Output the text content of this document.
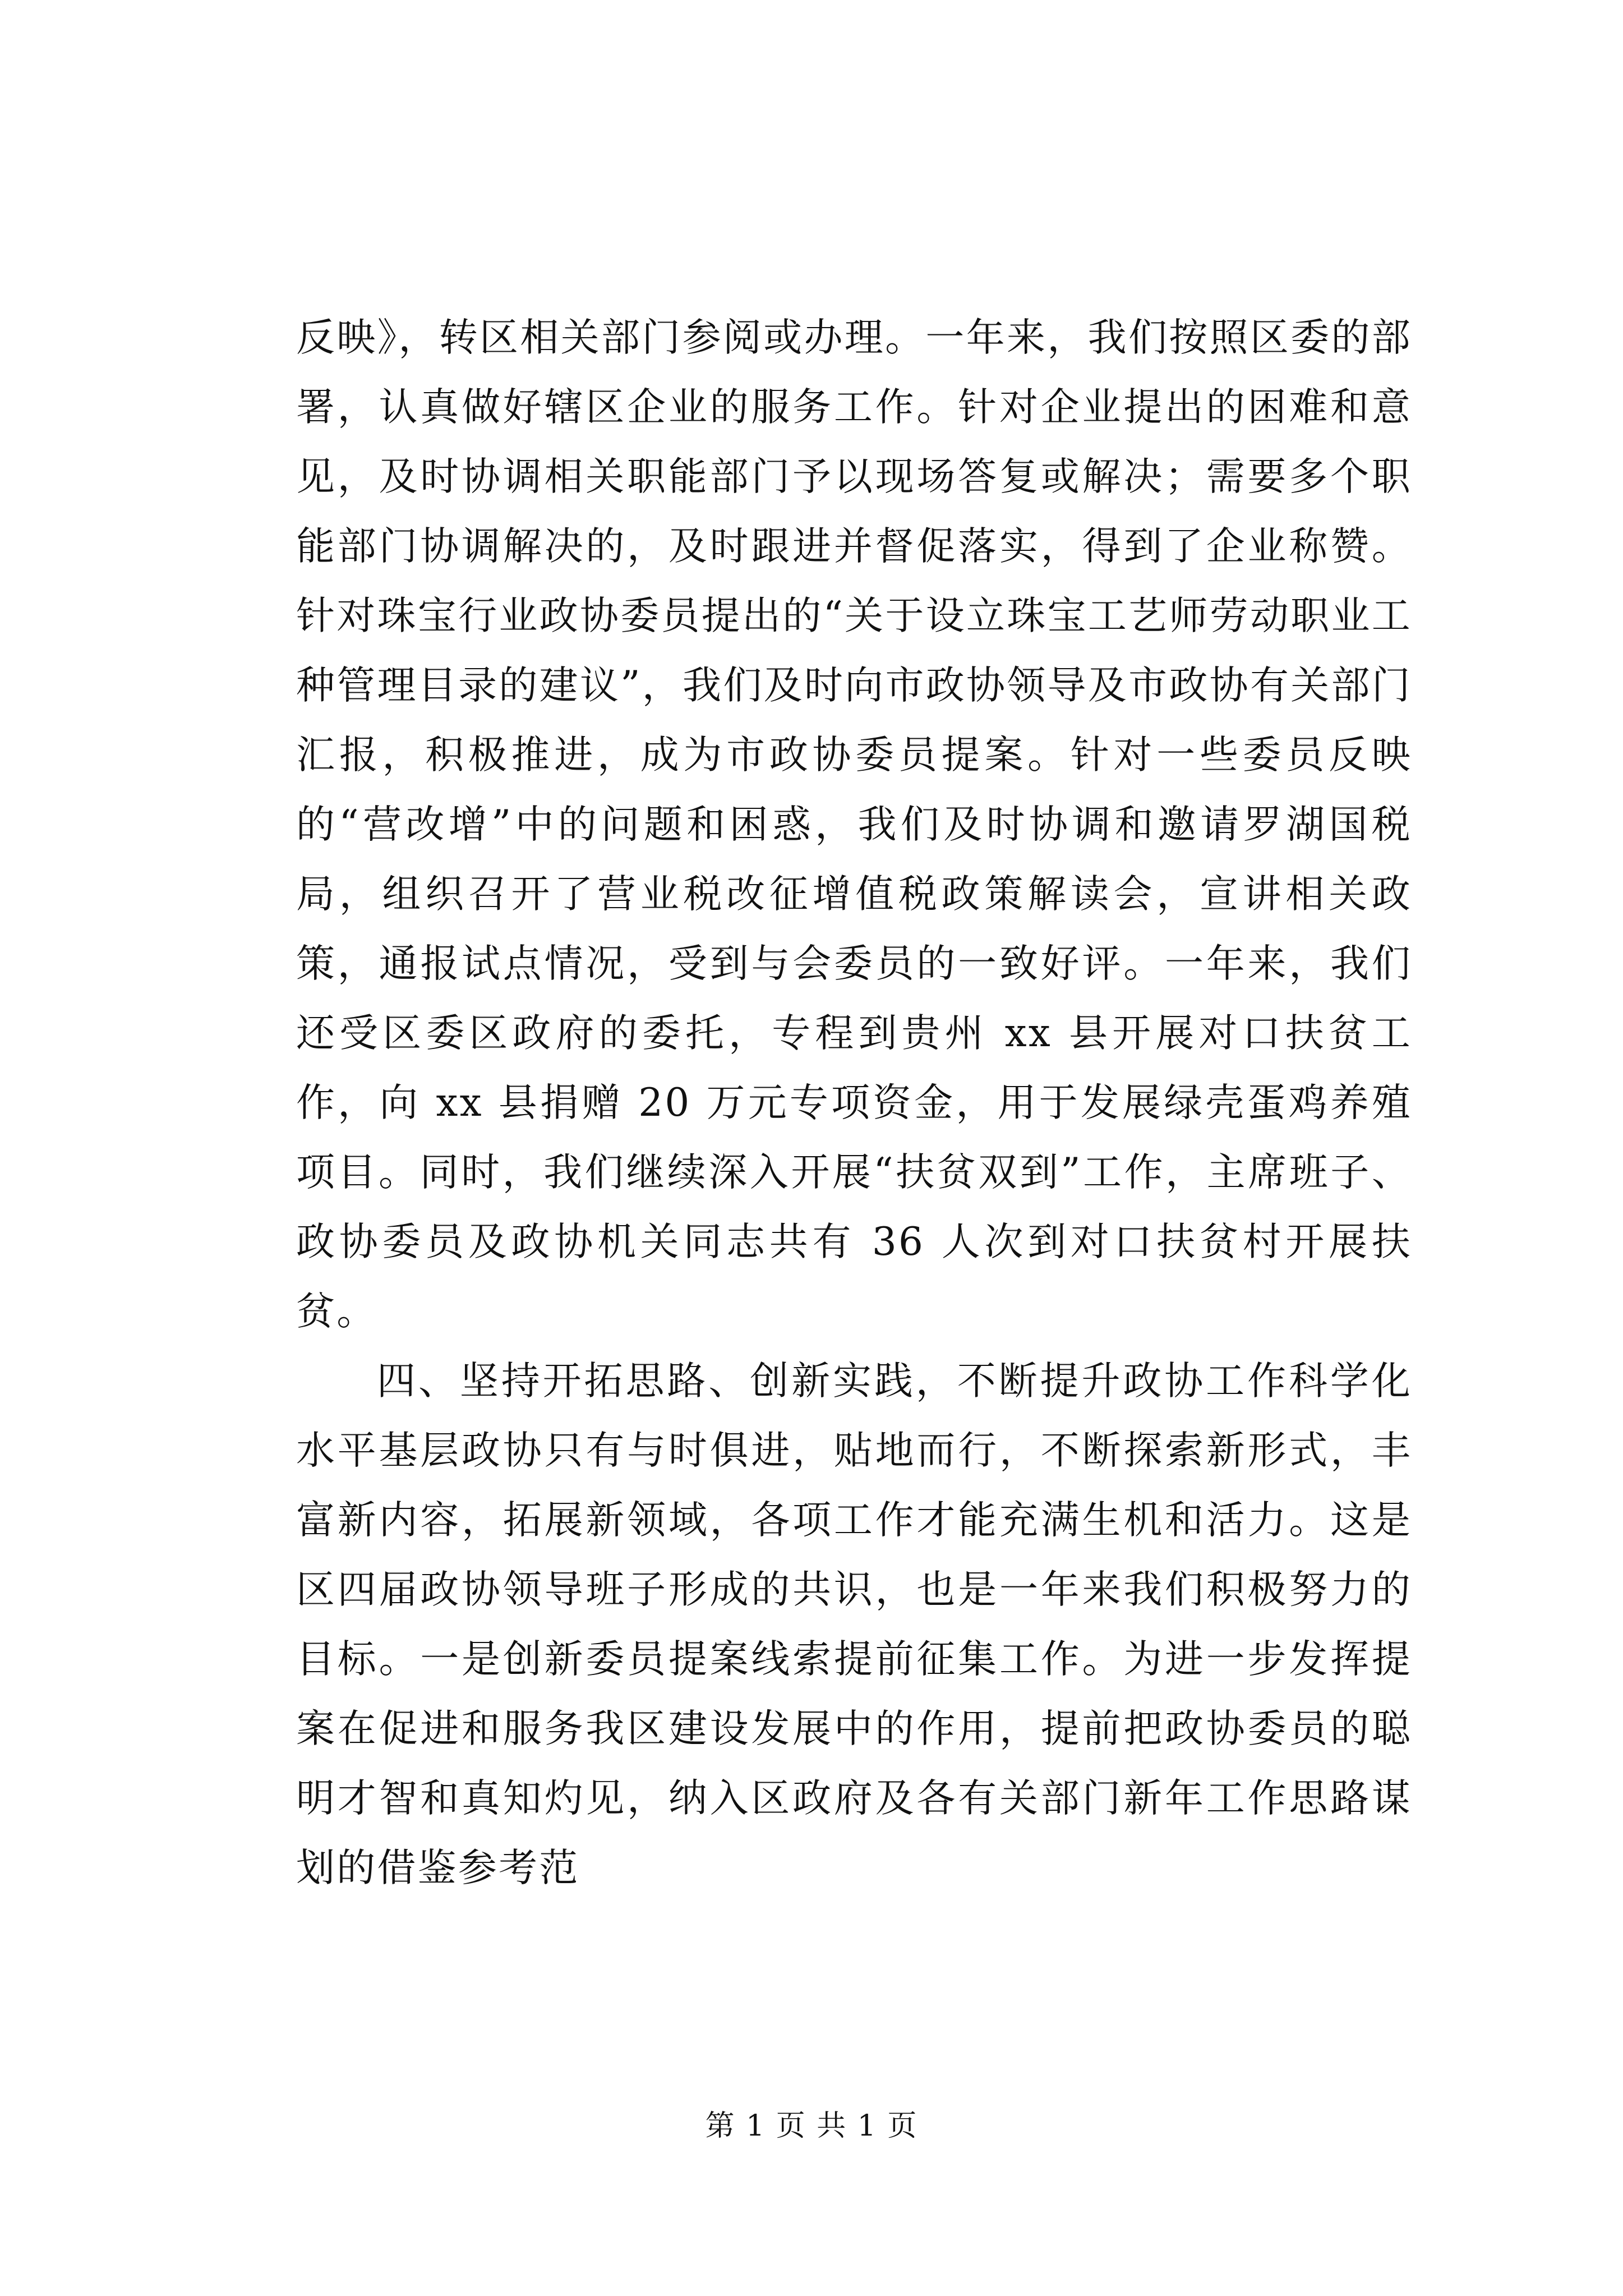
反映》，转区相关部门参阅或办理。一年来，我们按照区委的部署，认真做好辖区企业的服务工作。针对企业提出的困难和意见，及时协调相关职能部门予以现场答复或解决；需要多个职能部门协调解决的，及时跟进并督促落实，得到了企业称赞。针对珠宝行业政协委员提出的“关于设立珠宝工艺师劳动职业工种管理目录的建议”，我们及时向市政协领导及市政协有关部门汇报，积极推进，成为市政协委员提案。针对一些委员反映的“营改增”中的问题和困惑，我们及时协调和邀请罗湖国税局，组织召开了营业税改征增值税政策解读会，宣讲相关政策，通报试点情况，受到与会委员的一致好评。一年来，我们还受区委区政府的委托，专程到贵州 xx 县开展对口扶贫工作，向 xx 县捐赠 20 万元专项资金，用于发展绿壳蛋鸡养殖项目。同时，我们继续深入开展“扶贫双到”工作，主席班子、政协委员及政协机关同志共有 36 人次到对口扶贫村开展扶贫。

四、坚持开拓思路、创新实践，不断提升政协工作科学化水平基层政协只有与时俱进，贴地而行，不断探索新形式，丰富新内容，拓展新领域，各项工作才能充满生机和活力。这是区四届政协领导班子形成的共识，也是一年来我们积极努力的目标。一是创新委员提案线索提前征集工作。为进一步发挥提案在促进和服务我区建设发展中的作用，提前把政协委员的聪明才智和真知灼见，纳入区政府及各有关部门新年工作思路谋划的借鉴参考范

第 1 页 共 1 页
